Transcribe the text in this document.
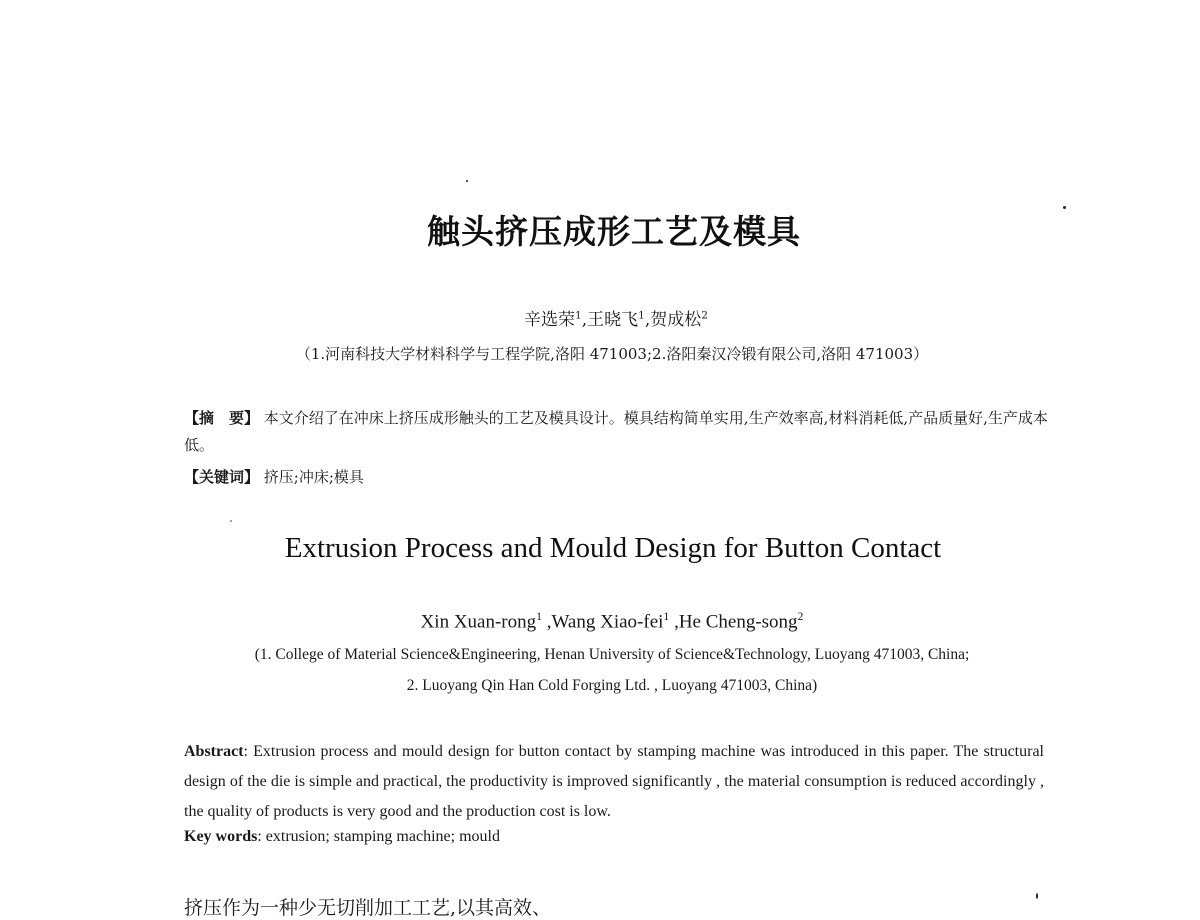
触头挤压成形工艺及模具
辛选荣$^1$,王晓飞$^1$,贺成松$^2$
（1.河南科技大学材料科学与工程学院,洛阳 471003;2.洛阳秦汉冷锻有限公司,洛阳 471003）
【摘　要】 本文介绍了在冲床上挤压成形触头的工艺及模具设计。模具结构简单实用,生产效率高,材料消耗低,产品质量好,生产成本低。
【关键词】 挤压;冲床;模具
Extrusion Process and Mould Design for Button Contact
Xin Xuan-rong$^1$ ,Wang Xiao-fei$^1$ ,He Cheng-song$^2$
(1. College of Material Science&Engineering, Henan University of Science&Technology, Luoyang 471003, China;
2. Luoyang Qin Han Cold Forging Ltd. , Luoyang 471003, China)
Abstract: Extrusion process and mould design for button contact by stamping machine was introduced in this paper. The structural design of the die is simple and practical, the productivity is improved significantly , the material consumption is reduced accordingly , the quality of products is very good and the production cost is low.
Key words: extrusion; stamping machine; mould
挤压作为一种少无切削加工工艺,以其高效、
